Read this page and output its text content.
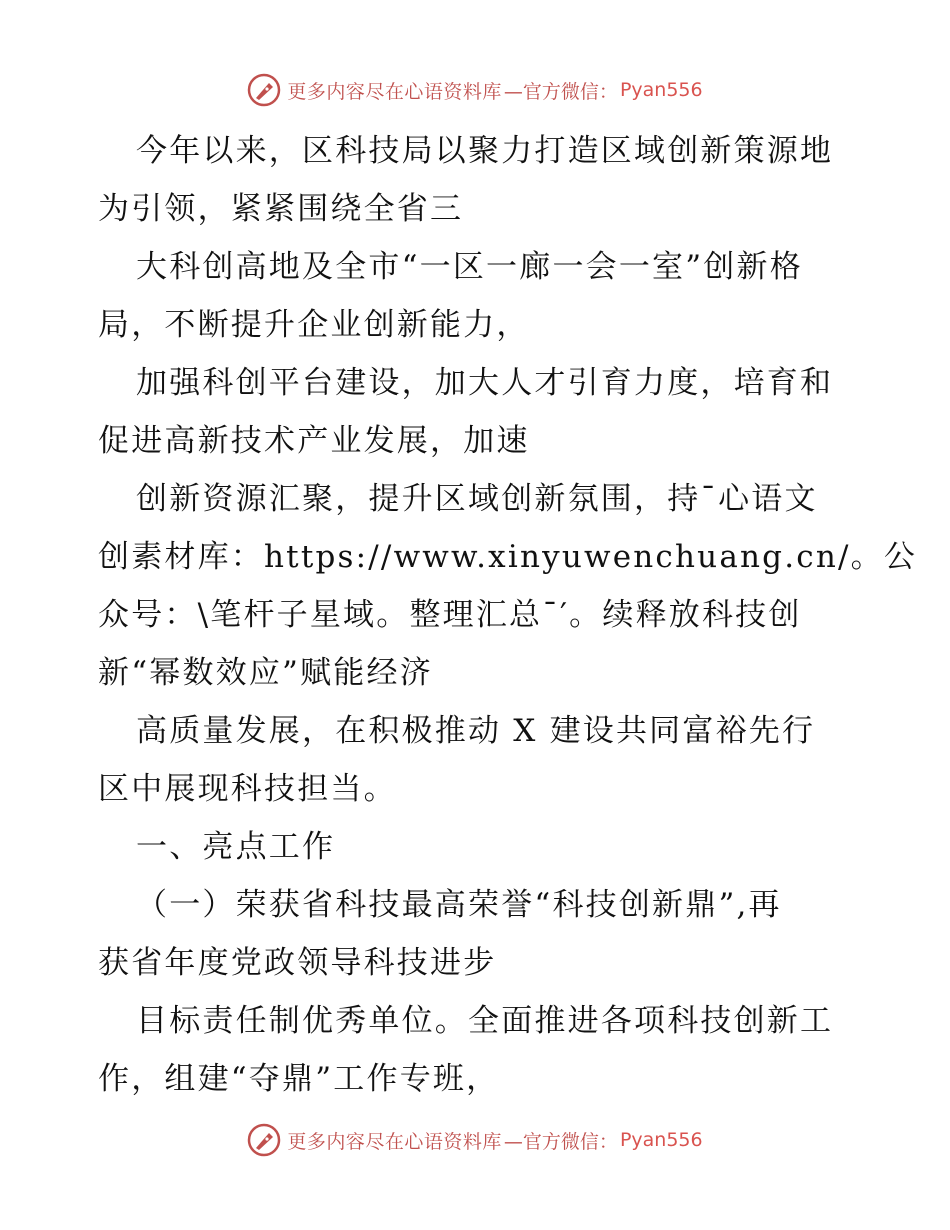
更多内容尽在心语资料库 —官方微信： Pyan556
今年以来，区科技局以聚力打造区域创新策源地
为引领，紧紧围绕全省三
大科创高地及全市“一区一廊一会一室”创新格
局，不断提升企业创新能力，
加强科创平台建设，加大人才引育力度，培育和
促进高新技术产业发展，加速
创新资源汇聚，提升区域创新氛围，持¯心语文
创素材库：https://www.xinyuwenchuang.cn/。公
众号：\笔杆子星域。整理汇总¯′。续释放科技创
新“幂数效应”赋能经济
高质量发展，在积极推动 X 建设共同富裕先行
区中展现科技担当。
一、亮点工作
（一）荣获省科技最高荣誉“科技创新鼎”,再
获省年度党政领导科技进步
目标责任制优秀单位。全面推进各项科技创新工
作，组建“夺鼎”工作专班，
更多内容尽在心语资料库 —官方微信： Pyan556
